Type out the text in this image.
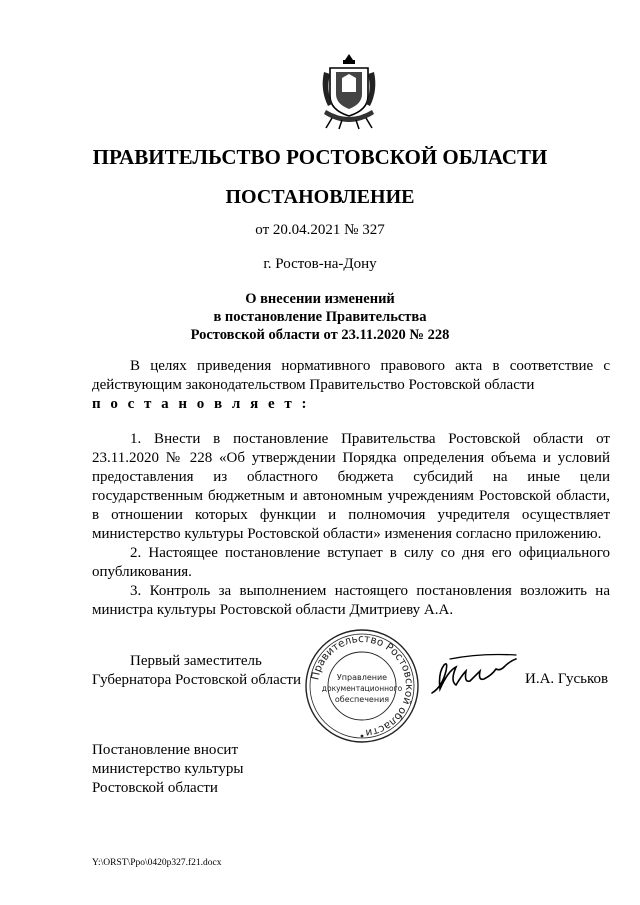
ПРАВИТЕЛЬСТВО РОСТОВСКОЙ ОБЛАСТИ
ПОСТАНОВЛЕНИЕ
от 20.04.2021 № 327
г. Ростов-на-Дону
О внесении изменений
в постановление Правительства
Ростовской области от 23.11.2020 № 228

В целях приведения нормативного правового акта в соответствие с действующим законодательством Правительство Ростовской области

п о с т а н о в л я е т :

1. Внести в постановление Правительства Ростовской области от 23.11.2020 № 228 «Об утверждении Порядка определения объема и условий предоставления из областного бюджета субсидий на иные цели государственным бюджетным и автономным учреждениям Ростовской области, в отношении которых функции и полномочия учредителя осуществляет министерство культуры Ростовской области» изменения согласно приложению.

2. Настоящее постановление вступает в силу со дня его официального опубликования.

3. Контроль за выполнением настоящего постановления возложить на министра культуры Ростовской области Дмитриеву А.А.

Первый заместитель
Губернатора Ростовской области Правительство Ростовской области
Управление
документационного
обеспечения
И.А. Гуськов
Постановление вносит
министерство культуры
Ростовской области
Y:\ORST\Ppo\0420p327.f21.docx
